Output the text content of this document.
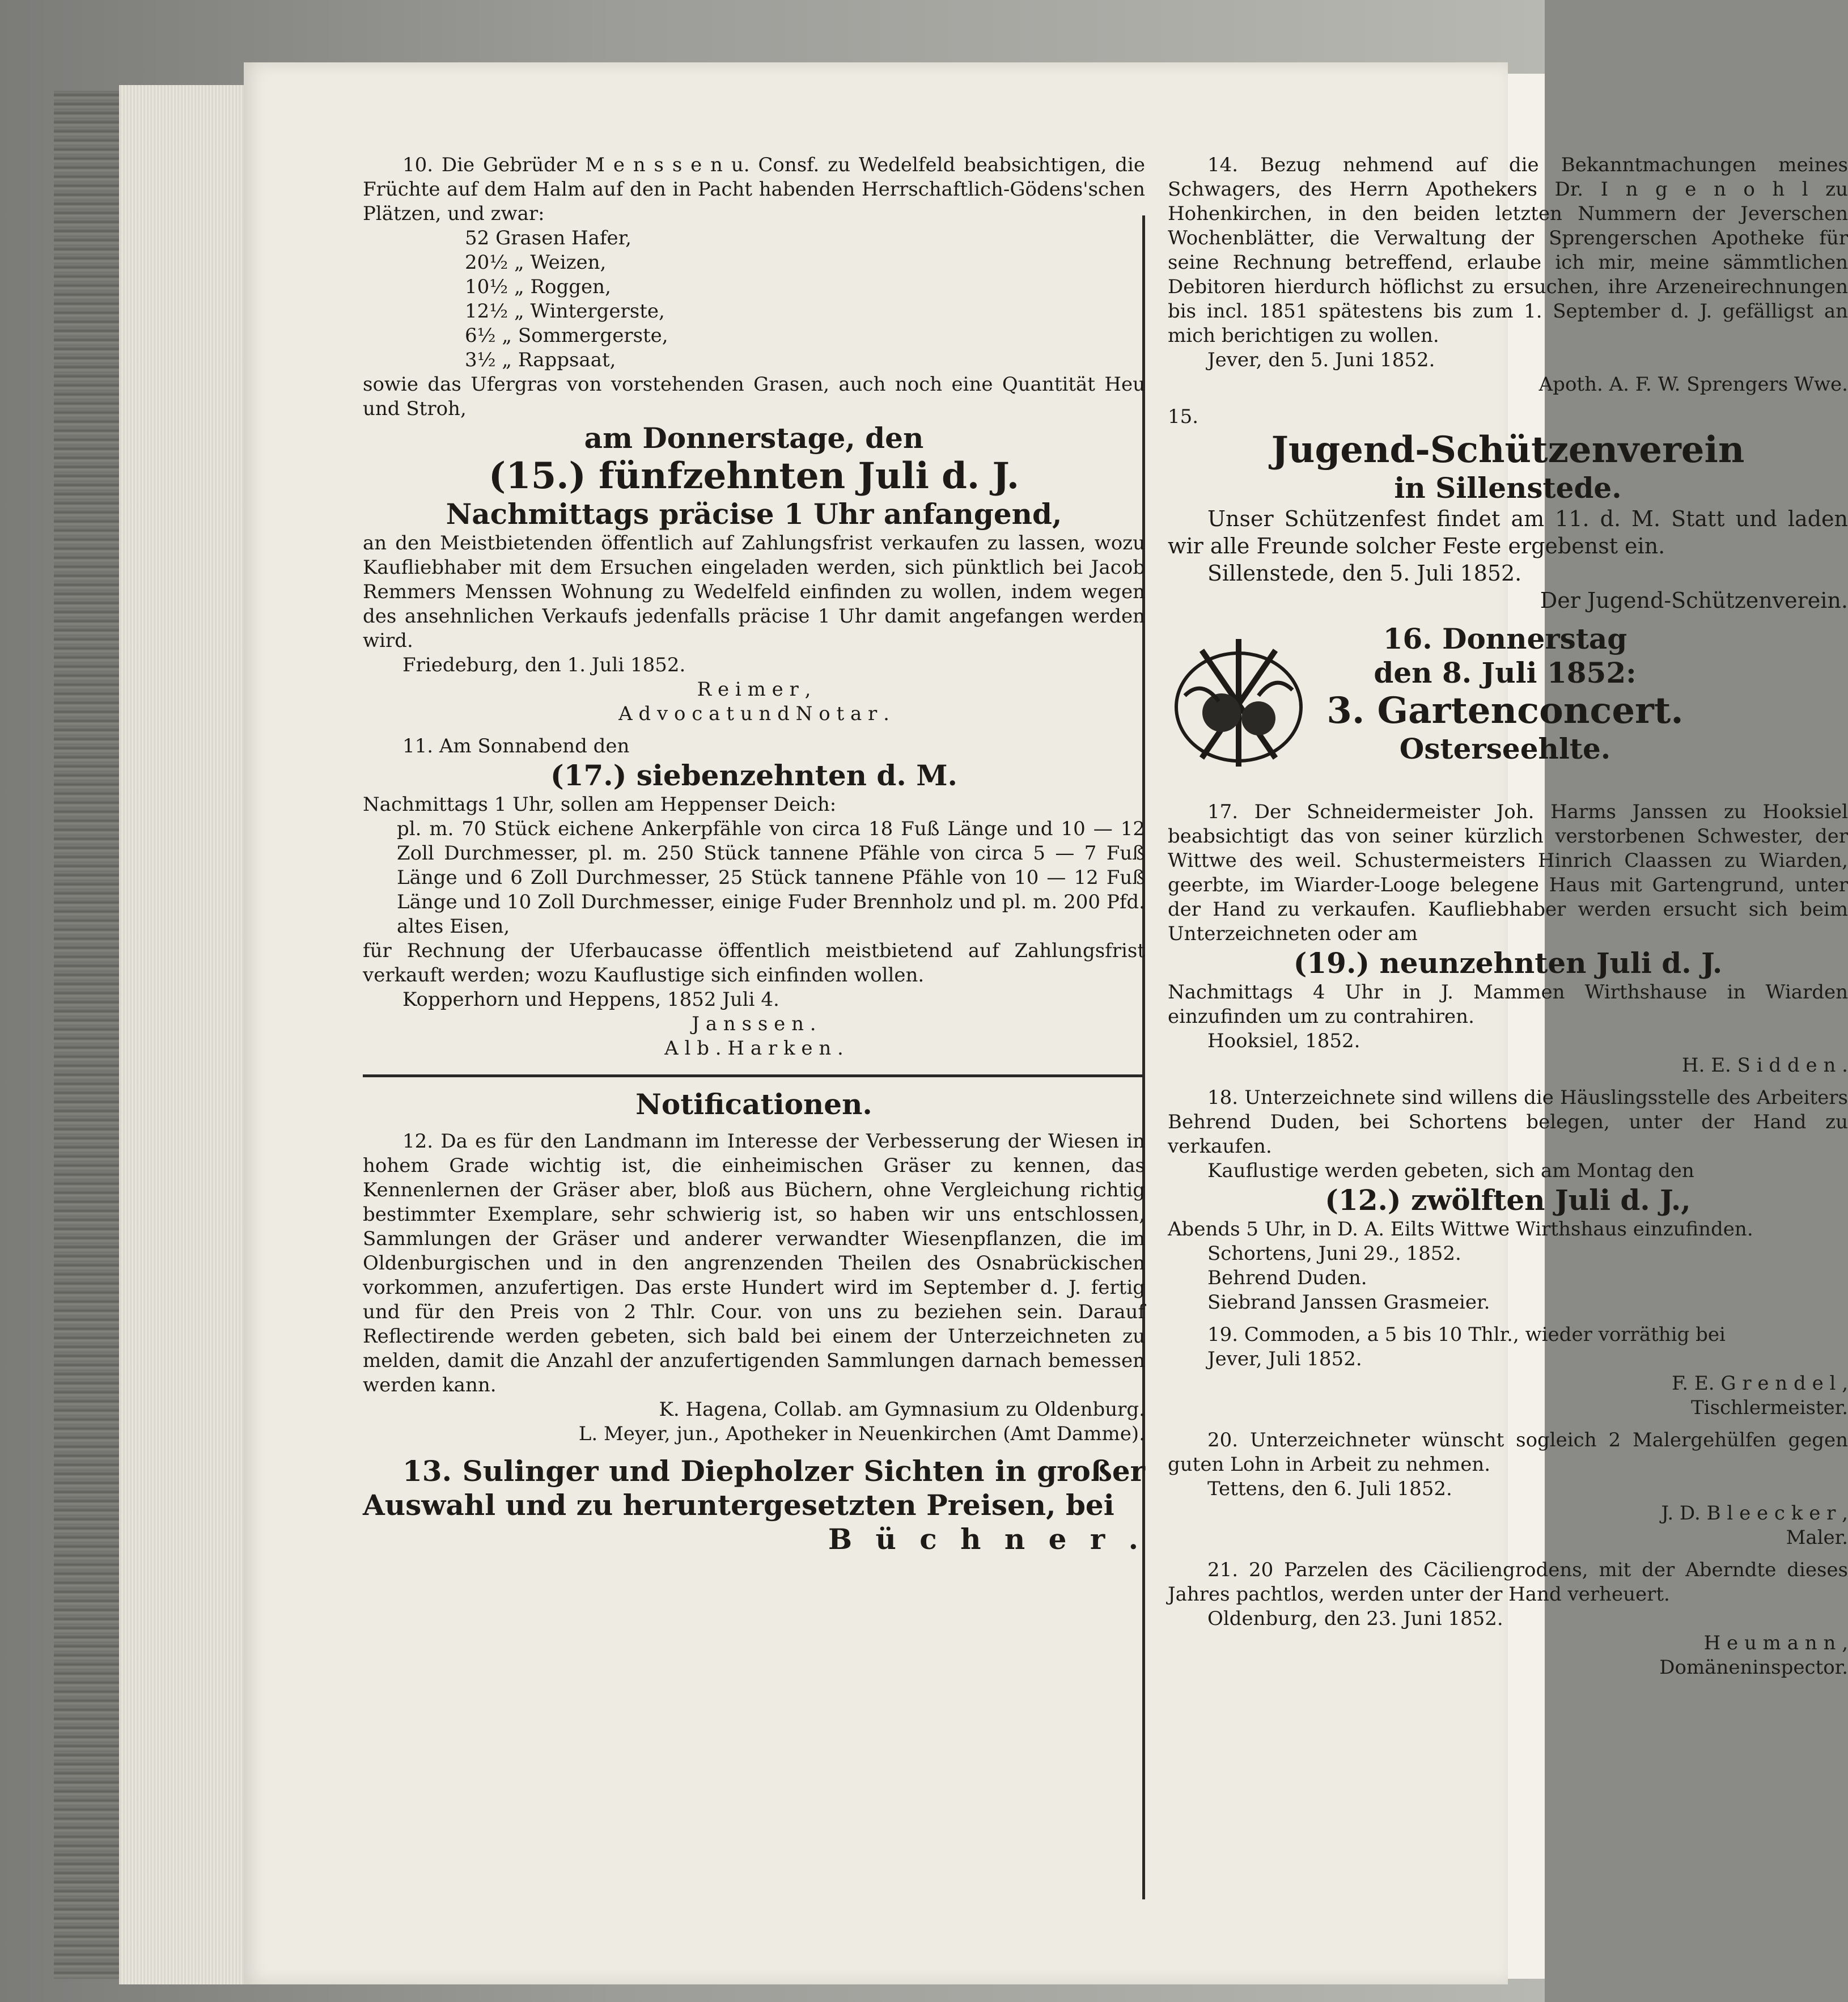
10. Die Gebrüder M e n s s e n u. Consf. zu Wedelfeld beabsichtigen, die Früchte auf dem Halm auf den in Pacht habenden Herrschaftlich-Gödens'schen Plätzen, und zwar:

52 Grasen Hafer,
20½ „ Weizen,
10½ „ Roggen,
12½ „ Wintergerste,
6½ „ Sommergerste,
3½ „ Rappsaat,

sowie das Ufergras von vorstehenden Grasen, auch noch eine Quantität Heu und Stroh,

am Donnerstage, den

(15.) fünfzehnten Juli d. J.

Nachmittags präcise 1 Uhr anfangend,

an den Meistbietenden öffentlich auf Zahlungsfrist verkaufen zu lassen, wozu Kaufliebhaber mit dem Ersuchen eingeladen werden, sich pünktlich bei Jacob Remmers Menssen Wohnung zu Wedelfeld einfinden zu wollen, indem wegen des ansehnlichen Verkaufs jedenfalls präcise 1 Uhr damit angefangen werden wird.

Friedeburg, den 1. Juli 1852.

R e i m e r ,

A d v o c a t u n d N o t a r .

11. Am Sonnabend den

(17.) siebenzehnten d. M.

Nachmittags 1 Uhr, sollen am Heppenser Deich:

pl. m. 70 Stück eichene Ankerpfähle von circa 18 Fuß Länge und 10 — 12 Zoll Durchmesser, pl. m. 250 Stück tannene Pfähle von circa 5 — 7 Fuß Länge und 6 Zoll Durchmesser, 25 Stück tannene Pfähle von 10 — 12 Fuß Länge und 10 Zoll Durchmesser, einige Fuder Brennholz und pl. m. 200 Pfd. altes Eisen,

für Rechnung der Uferbaucasse öffentlich meistbietend auf Zahlungsfrist verkauft werden; wozu Kauflustige sich einfinden wollen.

Kopperhorn und Heppens, 1852 Juli 4.

J a n s s e n .

A l b . H a r k e n .

Notificationen.

12. Da es für den Landmann im Interesse der Verbesserung der Wiesen in hohem Grade wichtig ist, die einheimischen Gräser zu kennen, das Kennenlernen der Gräser aber, bloß aus Büchern, ohne Vergleichung richtig bestimmter Exemplare, sehr schwierig ist, so haben wir uns entschlossen, Sammlungen der Gräser und anderer verwandter Wiesenpflanzen, die im Oldenburgischen und in den angrenzenden Theilen des Osnabrückischen vorkommen, anzufertigen. Das erste Hundert wird im September d. J. fertig und für den Preis von 2 Thlr. Cour. von uns zu beziehen sein. Darauf Reflectirende werden gebeten, sich bald bei einem der Unterzeichneten zu melden, damit die Anzahl der anzufertigenden Sammlungen darnach bemessen werden kann.

K. Hagena, Collab. am Gymnasium zu Oldenburg.

L. Meyer, jun., Apotheker in Neuenkirchen (Amt Damme).

13. Sulinger und Diepholzer Sichten in großer Auswahl und zu heruntergesetzten Preisen, bei

B ü c h n e r .

14. Bezug nehmend auf die Bekanntmachungen meines Schwagers, des Herrn Apothekers Dr. I n g e n o h l zu Hohenkirchen, in den beiden letzten Nummern der Jeverschen Wochenblätter, die Verwaltung der Sprengerschen Apotheke für seine Rechnung betreffend, erlaube ich mir, meine sämmtlichen Debitoren hierdurch höflichst zu ersuchen, ihre Arzeneirechnungen bis incl. 1851 spätestens bis zum 1. September d. J. gefälligst an mich berichtigen zu wollen.

Jever, den 5. Juni 1852.

Apoth. A. F. W. Sprengers Wwe.

15.

Jugend-Schützenverein

in Sillenstede.

Unser Schützenfest findet am 11. d. M. Statt und laden wir alle Freunde solcher Feste ergebenst ein.

Sillenstede, den 5. Juli 1852.

Der Jugend-Schützenverein.

16. Donnerstag

den 8. Juli 1852:

3. Gartenconcert.

Osterseehlte.

17. Der Schneidermeister Joh. Harms Janssen zu Hooksiel beabsichtigt das von seiner kürzlich verstorbenen Schwester, der Wittwe des weil. Schustermeisters Hinrich Claassen zu Wiarden, geerbte, im Wiarder-Looge belegene Haus mit Gartengrund, unter der Hand zu verkaufen. Kaufliebhaber werden ersucht sich beim Unterzeichneten oder am

(19.) neunzehnten Juli d. J.

Nachmittags 4 Uhr in J. Mammen Wirthshause in Wiarden einzufinden um zu contrahiren.

Hooksiel, 1852.

H. E. S i d d e n .

18. Unterzeichnete sind willens die Häuslingsstelle des Arbeiters Behrend Duden, bei Schortens belegen, unter der Hand zu verkaufen.

Kauflustige werden gebeten, sich am Montag den

(12.) zwölften Juli d. J.,

Abends 5 Uhr, in D. A. Eilts Wittwe Wirthshaus einzufinden.

Schortens, Juni 29., 1852.

Behrend Duden.

Siebrand Janssen Grasmeier.

19. Commoden, a 5 bis 10 Thlr., wieder vorräthig bei

Jever, Juli 1852.

F. E. G r e n d e l ,

Tischlermeister.

20. Unterzeichneter wünscht sogleich 2 Malergehülfen gegen guten Lohn in Arbeit zu nehmen.

Tettens, den 6. Juli 1852.

J. D. B l e e c k e r ,

Maler.

21. 20 Parzelen des Cäciliengrodens, mit der Aberndte dieses Jahres pachtlos, werden unter der Hand verheuert.

Oldenburg, den 23. Juni 1852.

H e u m a n n ,

Domäneninspector.
